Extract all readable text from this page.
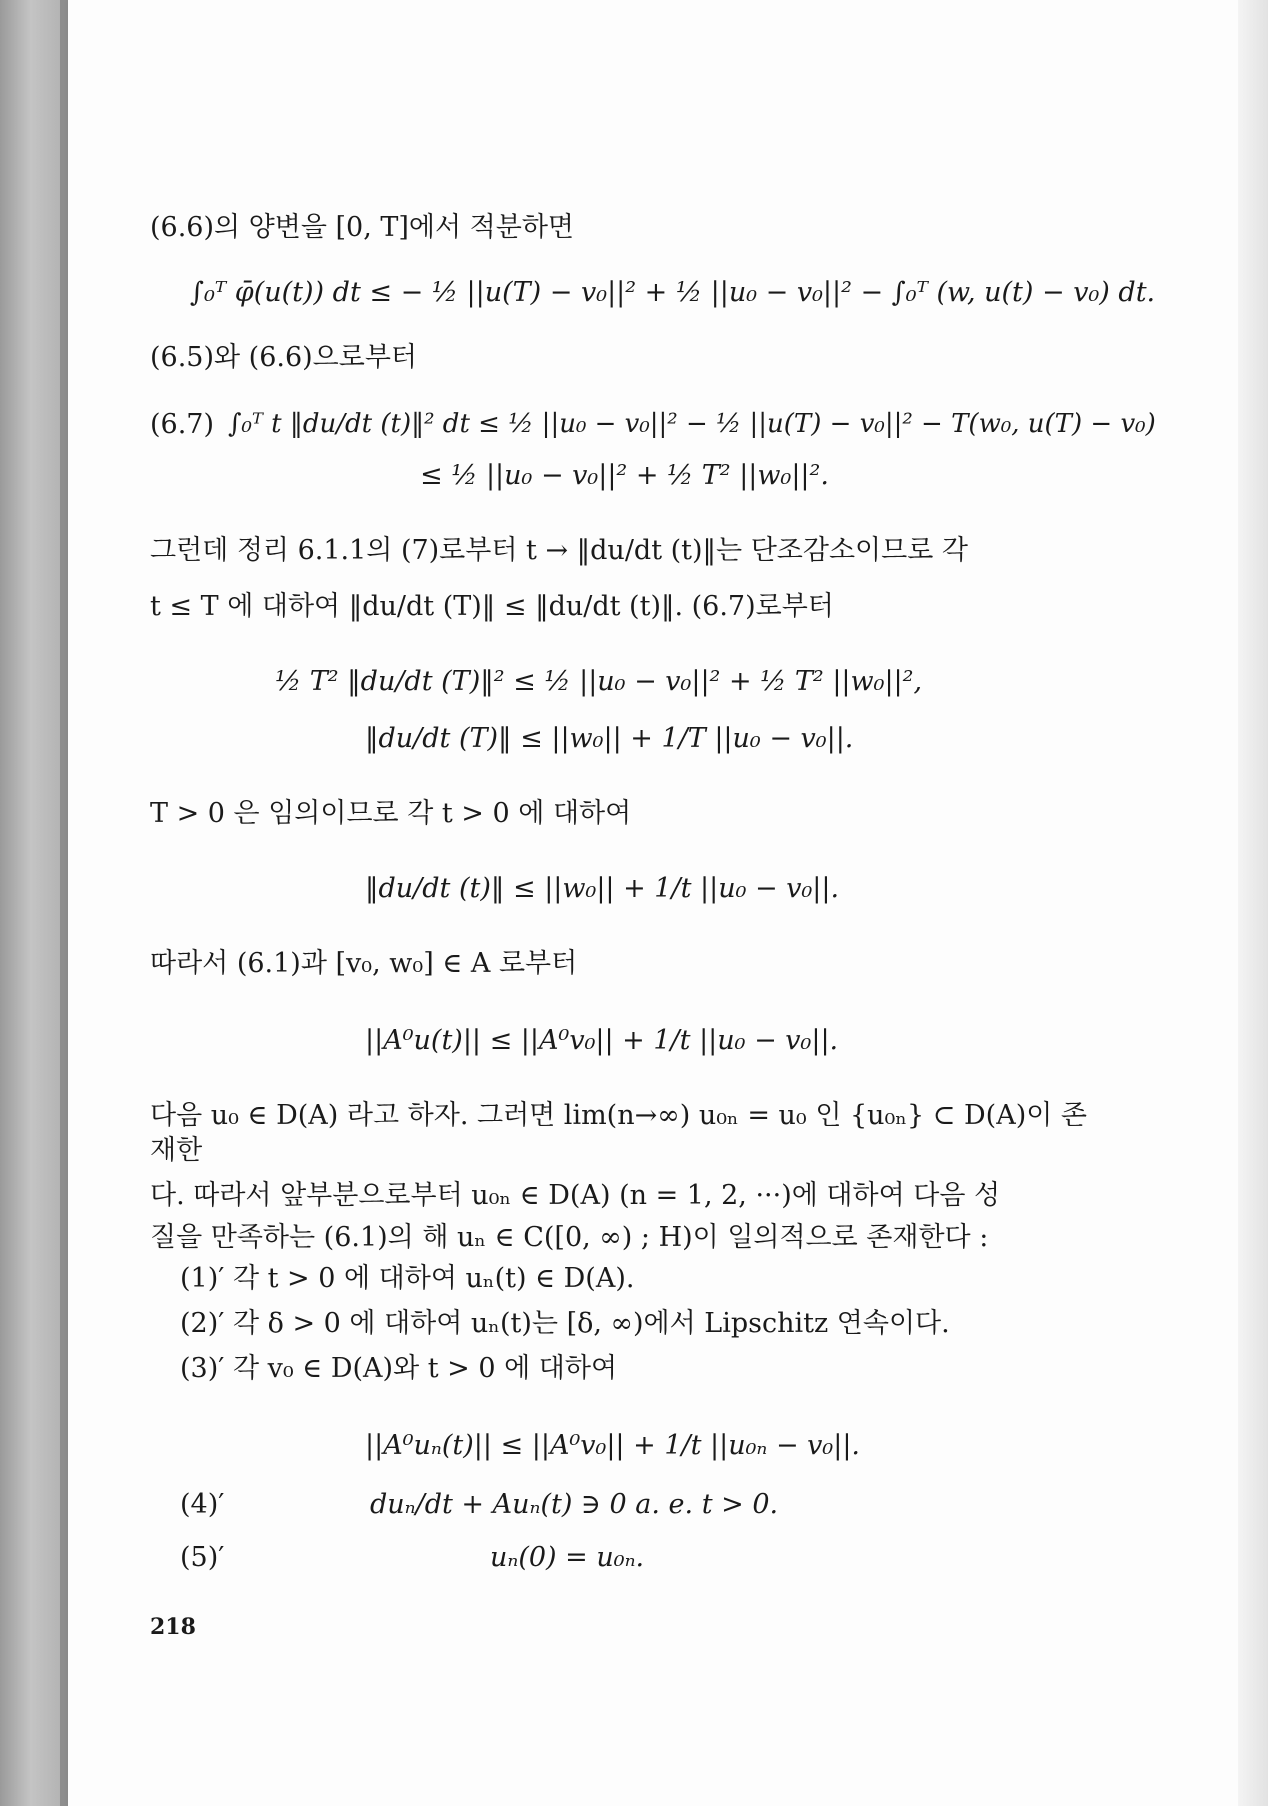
(6.6)의 양변을 [0, T]에서 적분하면

∫₀ᵀ φ̄(u(t)) dt ≤ − ½ ||u(T) − v₀||² + ½ ||u₀ − v₀||² − ∫₀ᵀ (w, u(t) − v₀) dt.

(6.5)와 (6.6)으로부터

(6.7) ∫₀ᵀ t ‖du/dt (t)‖² dt ≤ ½ ||u₀ − v₀||² − ½ ||u(T) − v₀||² − T(w₀, u(T) − v₀)

≤ ½ ||u₀ − v₀||² + ½ T² ||w₀||².

그런데 정리 6.1.1의 (7)로부터 t → ‖du/dt (t)‖는 단조감소이므로 각

t ≤ T 에 대하여 ‖du/dt (T)‖ ≤ ‖du/dt (t)‖. (6.7)로부터

½ T² ‖du/dt (T)‖² ≤ ½ ||u₀ − v₀||² + ½ T² ||w₀||²,

‖du/dt (T)‖ ≤ ||w₀|| + 1/T ||u₀ − v₀||.

T > 0 은 임의이므로 각 t > 0 에 대하여

‖du/dt (t)‖ ≤ ||w₀|| + 1/t ||u₀ − v₀||.

따라서 (6.1)과 [v₀, w₀] ∈ A 로부터

||A⁰u(t)|| ≤ ||A⁰v₀|| + 1/t ||u₀ − v₀||.

다음 u₀ ∈ D(A) 라고 하자. 그러면 lim(n→∞) u₀ₙ = u₀ 인 {u₀ₙ} ⊂ D(A)이 존재한

다. 따라서 앞부분으로부터 u₀ₙ ∈ D(A) (n = 1, 2, ···)에 대하여 다음 성

질을 만족하는 (6.1)의 해 uₙ ∈ C([0, ∞) ; H)이 일의적으로 존재한다 :

(1)′ 각 t > 0 에 대하여 uₙ(t) ∈ D(A).

(2)′ 각 δ > 0 에 대하여 uₙ(t)는 [δ, ∞)에서 Lipschitz 연속이다.

(3)′ 각 v₀ ∈ D(A)와 t > 0 에 대하여

||A⁰uₙ(t)|| ≤ ||A⁰v₀|| + 1/t ||u₀ₙ − v₀||.

(4)′	duₙ/dt + Auₙ(t) ∋ 0 a. e. t > 0.
(5)′	uₙ(0) = u₀ₙ.
218
